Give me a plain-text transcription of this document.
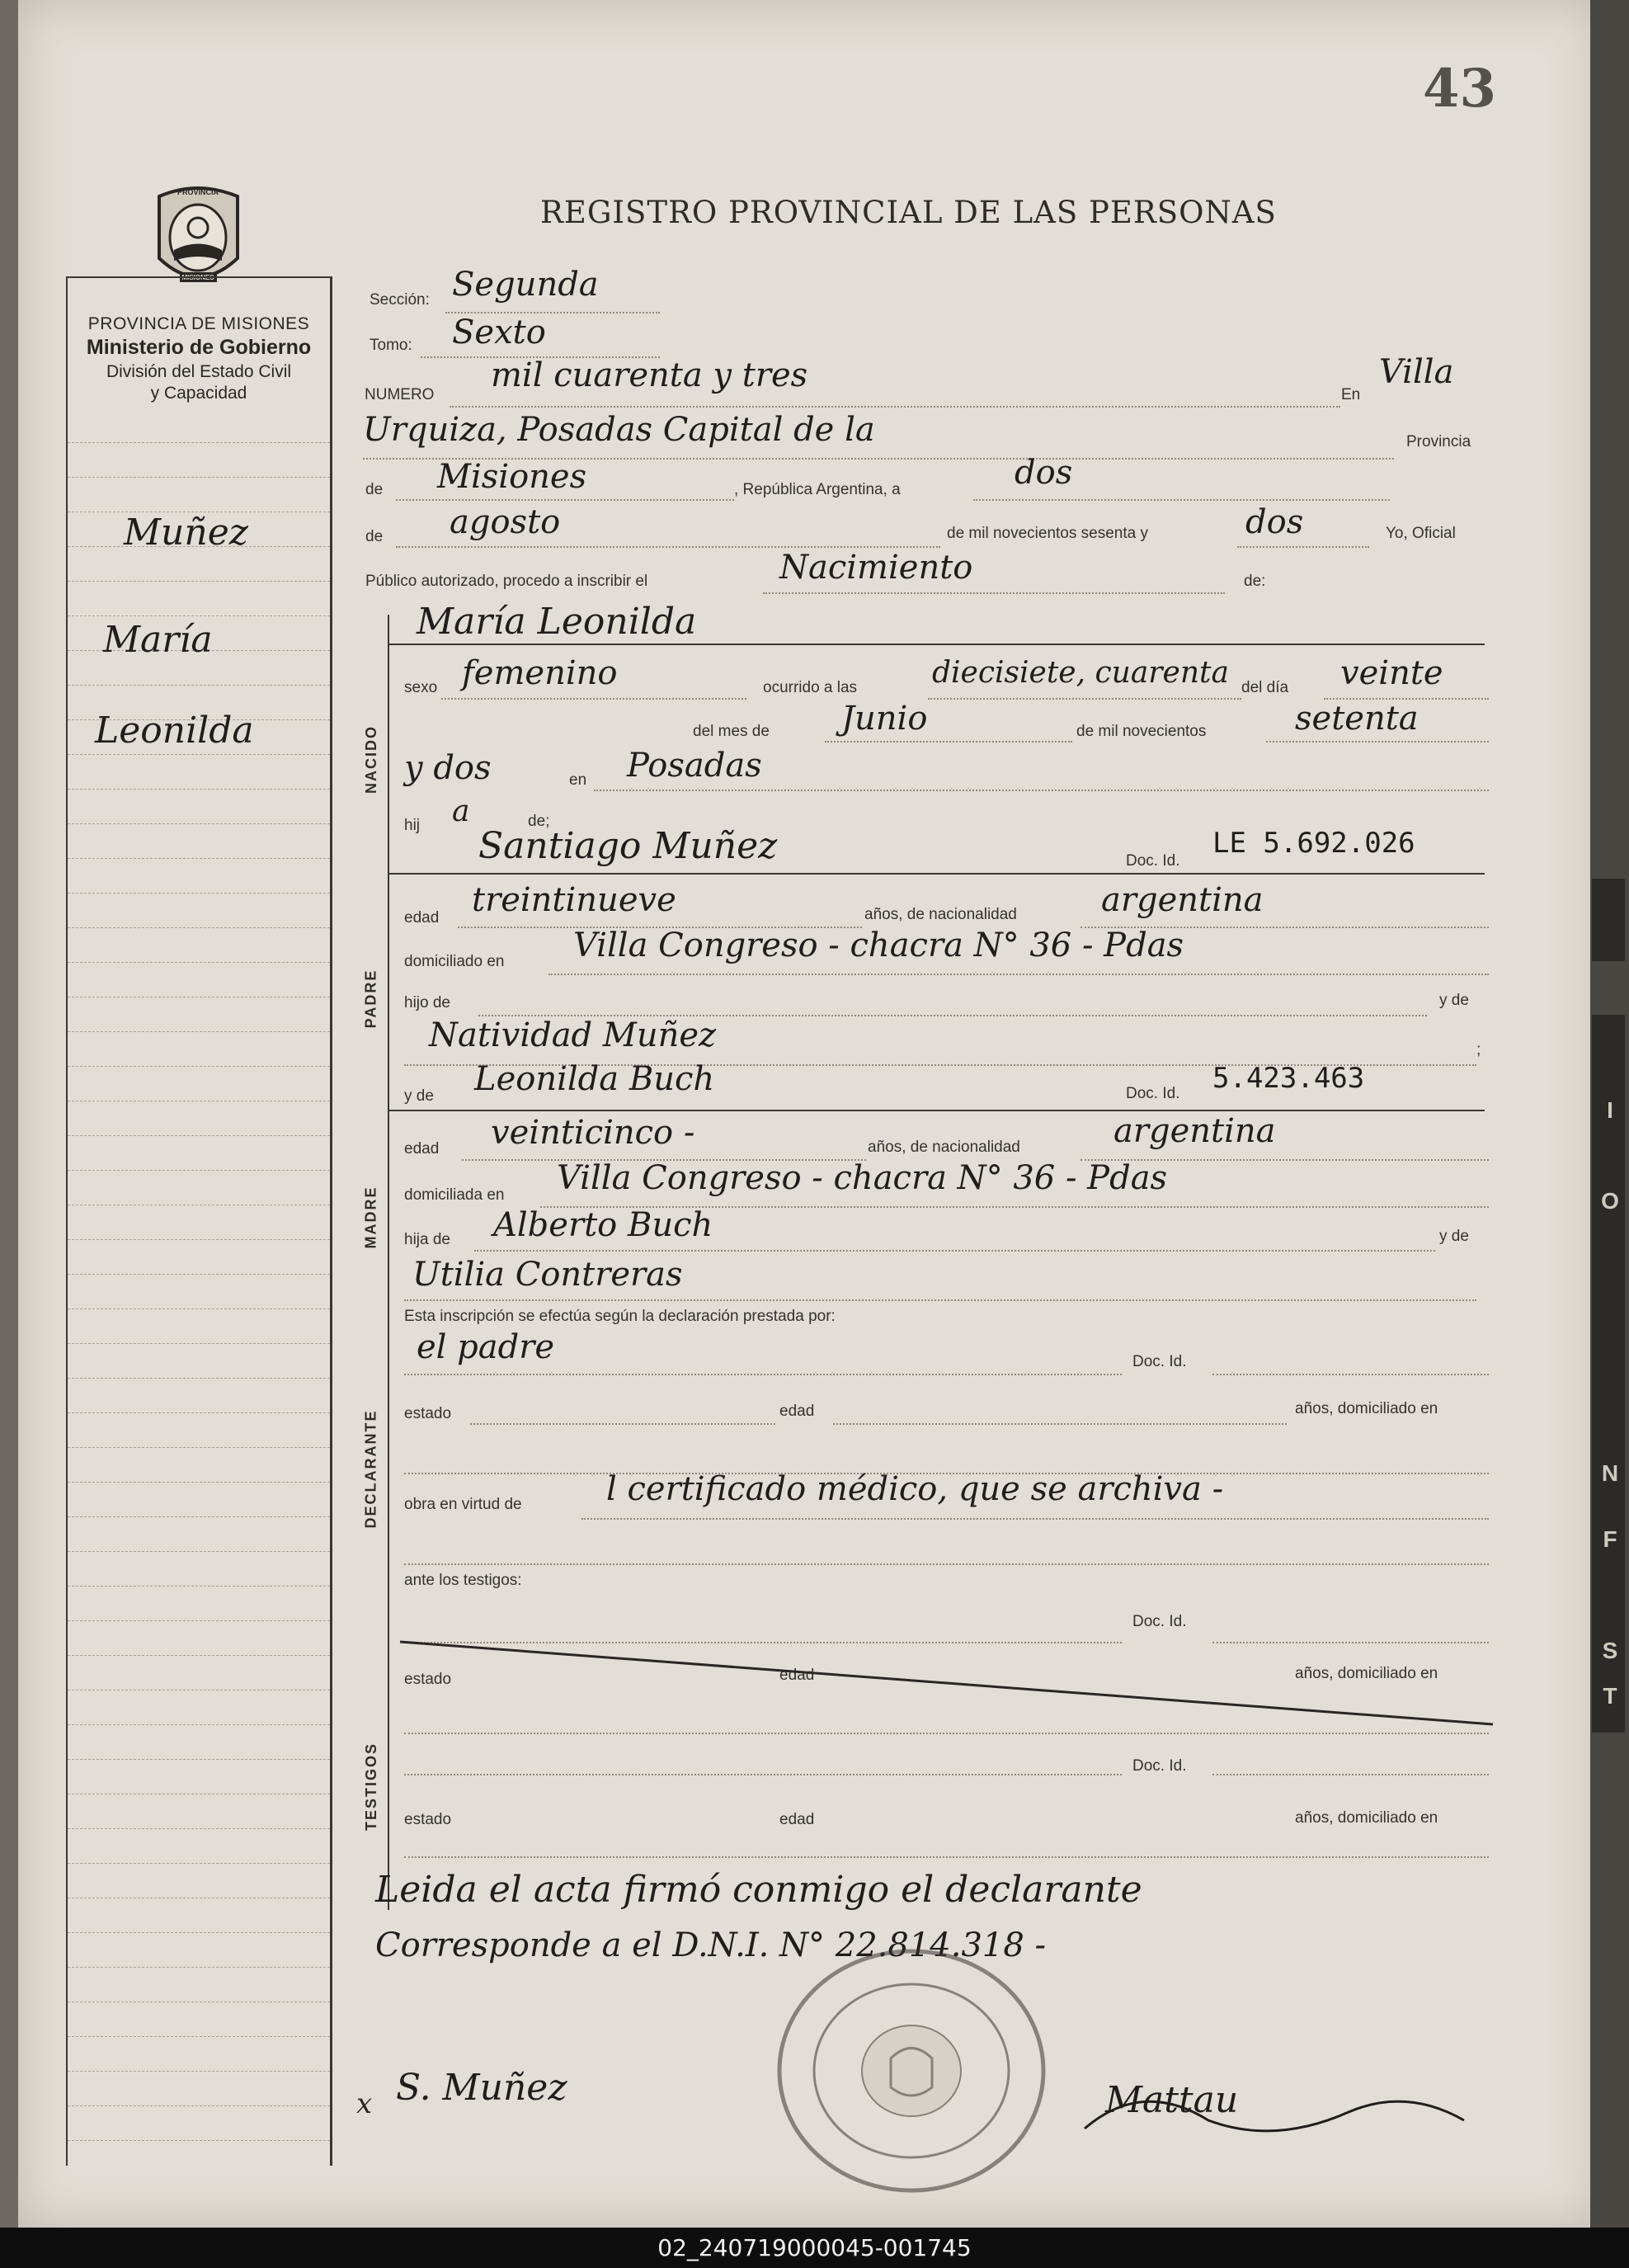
I
O
N
F
S
T
43
PROVINCIA
REGISTRO PROVINCIAL DE LAS PERSONAS
PROVINCIA DE MISIONES
Ministerio de Gobierno
División del Estado Civil
y Capacidad
Muñez
María
Leonilda
Sección: Segunda
Tomo: Sexto
NUMERO
mil cuarenta y tres
En
Villa
Urquiza, Posadas Capital de la	Provincia
de Misiones	, República Argentina, a	dos
de agosto	de mil novecientos sesenta y	dos	Yo, Oficial
Público autorizado, procedo a inscribir el	Nacimiento	de:
María Leonilda
NACIDO
sexo femenino	ocurrido a las	diecisiete, cuarenta del día veinte
del mes de Junio	de mil novecientos	setenta
y dos	en Posadas
hij a	de;
Santiago Muñez	Doc. Id.
LE 5.692.026
PADRE
edad treintinueve	años, de nacionalidad	argentina
domiciliado en Villa Congreso - chacra N° 36 - Pdas
hijo de	y de
Natividad Muñez	;
y de Leonilda Buch	Doc. Id. 5.423.463
MADRE
edad veinticinco -	años, de nacionalidad	argentina
domiciliada en Villa Congreso - chacra N° 36 - Pdas
hija de Alberto Buch	y de
Utilia Contreras
Esta inscripción se efectúa según la declaración prestada por:
DECLARANTE
el padre	Doc. Id.
estado	edad	años, domiciliado en
obra en virtud de	l certificado médico, que se archiva -
ante los testigos:
TESTIGOS
Doc. Id.
estado	edad	años, domiciliado en
Doc. Id.
estado	edad	años, domiciliado en
Leida el acta firmó conmigo el declarante
Corresponde a el D.N.I. N° 22.814.318 -
x S. Muñez	Mattau
02_240719000045-001745
